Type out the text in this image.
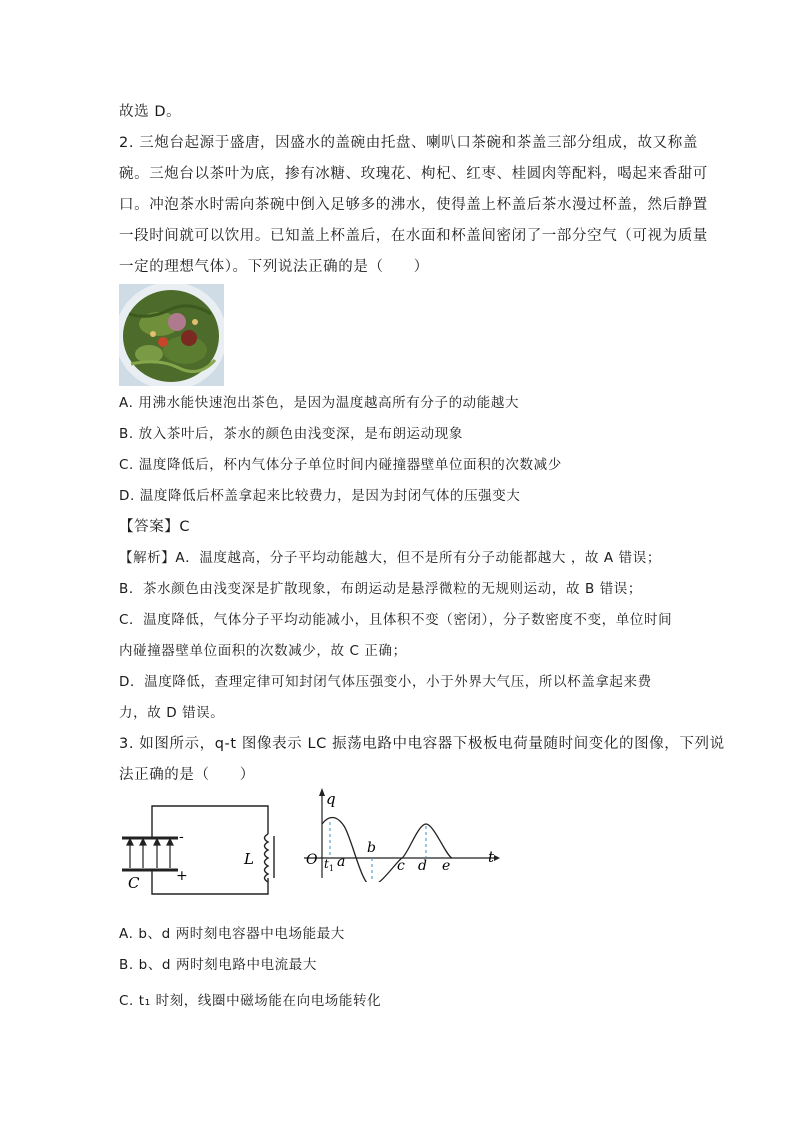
故选 D。
2. 三炮台起源于盛唐，因盛水的盖碗由托盘、喇叭口茶碗和茶盖三部分组成，故又称盖
碗。三炮台以茶叶为底，掺有冰糖、玫瑰花、枸杞、红枣、桂圆肉等配料，喝起来香甜可
口。冲泡茶水时需向茶碗中倒入足够多的沸水，使得盖上杯盖后茶水漫过杯盖，然后静置
一段时间就可以饮用。已知盖上杯盖后，在水面和杯盖间密闭了一部分空气（可视为质量
一定的理想气体）。下列说法正确的是（　　）
A. 用沸水能快速泡出茶色，是因为温度越高所有分子的动能越大
B. 放入茶叶后，茶水的颜色由浅变深，是布朗运动现象
C. 温度降低后，杯内气体分子单位时间内碰撞器壁单位面积的次数减少
D. 温度降低后杯盖拿起来比较费力，是因为封闭气体的压强变大
【答案】C
【解析】A．温度越高，分子平均动能越大，但不是所有分子动能都越大 ，故 A 错误；
B．茶水颜色由浅变深是扩散现象，布朗运动是悬浮微粒的无规则运动，故 B 错误；
C．温度降低，气体分子平均动能减小，且体积不变（密闭），分子数密度不变，单位时间
内碰撞器壁单位面积的次数减少，故 C 正确；
D．温度降低，查理定律可知封闭气体压强变小，小于外界大气压，所以杯盖拿起来费
力，故 D 错误。
3. 如图所示，q-t 图像表示 LC 振荡电路中电容器下极板电荷量随时间变化的图像，下列说
法正确的是（　　）
-
+
C
L
q
t
O $t_1$ a
b
c d e
A. b、d 两时刻电容器中电场能最大
B. b、d 两时刻电路中电流最大
C. t₁ 时刻，线圈中磁场能在向电场能转化
